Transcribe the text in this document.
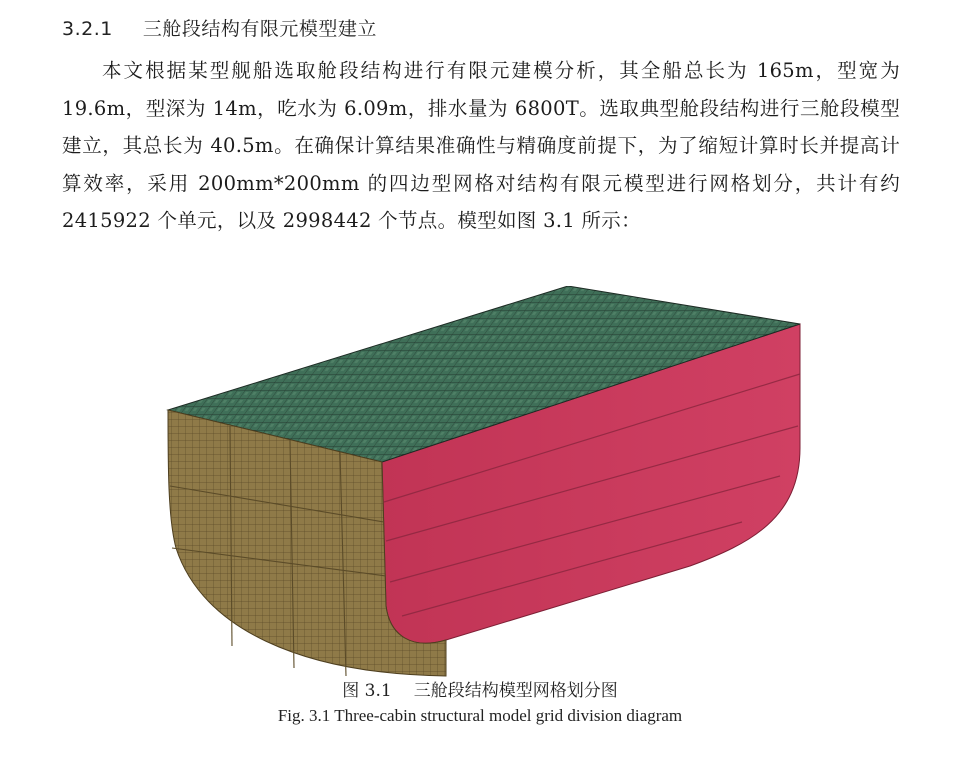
3.2.1 三舱段结构有限元模型建立
本文根据某型舰船选取舱段结构进行有限元建模分析，其全船总长为 165m，型宽为 19.6m，型深为 14m，吃水为 6.09m，排水量为 6800T。选取典型舱段结构进行三舱段模型建立，其总长为 40.5m。在确保计算结果准确性与精确度前提下，为了缩短计算时长并提高计算效率，采用 200mm*200mm 的四边型网格对结构有限元模型进行网格划分，共计有约 2415922 个单元，以及 2998442 个节点。模型如图 3.1 所示：
图 3.1 三舱段结构模型网格划分图
Fig. 3.1 Three-cabin structural model grid division diagram
